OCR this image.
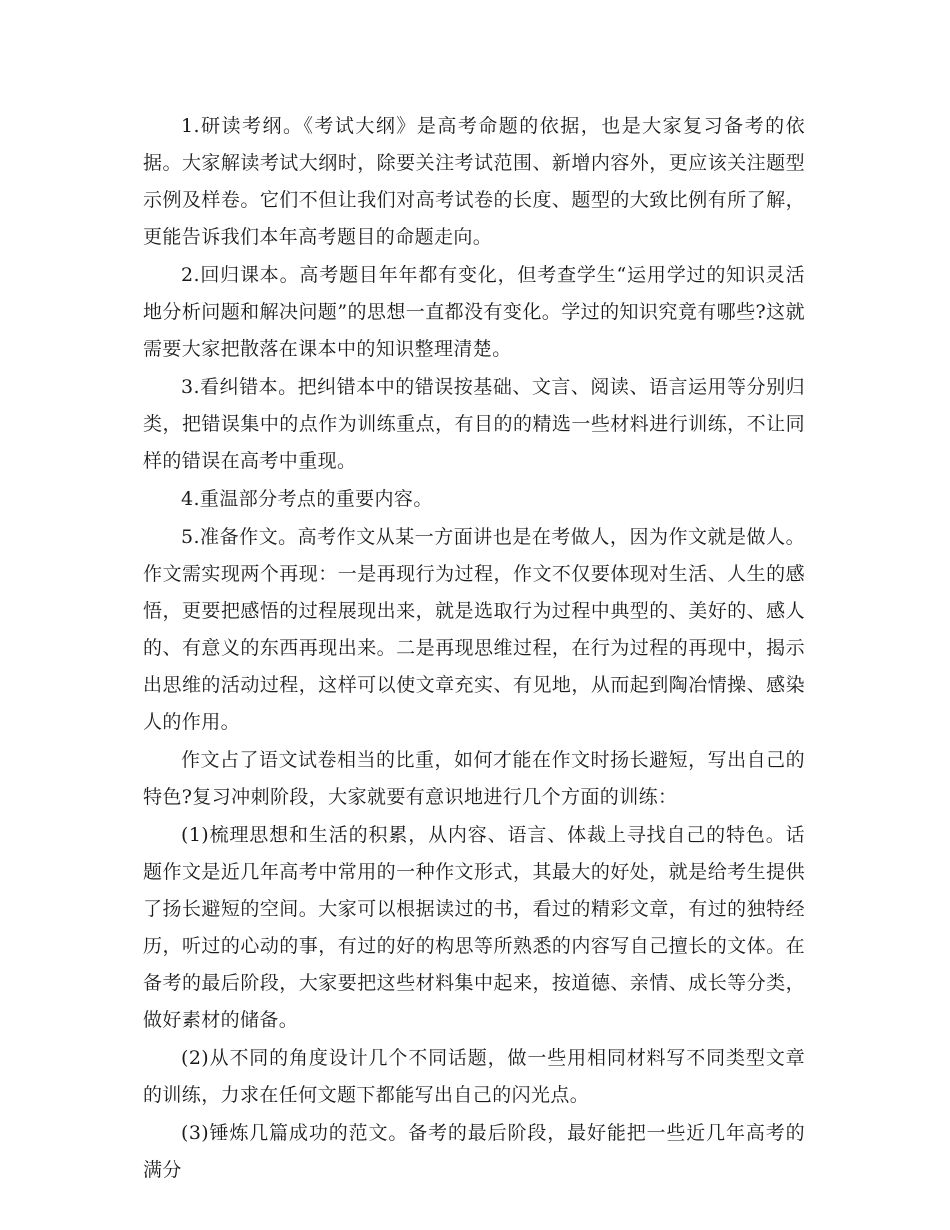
1.研读考纲。《考试大纲》是高考命题的依据，也是大家复习备考的依据。大家解读考试大纲时，除要关注考试范围、新增内容外，更应该关注题型示例及样卷。它们不但让我们对高考试卷的长度、题型的大致比例有所了解，更能告诉我们本年高考题目的命题走向。

2.回归课本。高考题目年年都有变化，但考查学生“运用学过的知识灵活地分析问题和解决问题”的思想一直都没有变化。学过的知识究竟有哪些?这就需要大家把散落在课本中的知识整理清楚。

3.看纠错本。把纠错本中的错误按基础、文言、阅读、语言运用等分别归类，把错误集中的点作为训练重点，有目的的精选一些材料进行训练，不让同样的错误在高考中重现。

4.重温部分考点的重要内容。

5.准备作文。高考作文从某一方面讲也是在考做人，因为作文就是做人。作文需实现两个再现：一是再现行为过程，作文不仅要体现对生活、人生的感悟，更要把感悟的过程展现出来，就是选取行为过程中典型的、美好的、感人的、有意义的东西再现出来。二是再现思维过程，在行为过程的再现中，揭示出思维的活动过程，这样可以使文章充实、有见地，从而起到陶冶情操、感染人的作用。

作文占了语文试卷相当的比重，如何才能在作文时扬长避短，写出自己的特色?复习冲刺阶段，大家就要有意识地进行几个方面的训练：

(1)梳理思想和生活的积累，从内容、语言、体裁上寻找自己的特色。话题作文是近几年高考中常用的一种作文形式，其最大的好处，就是给考生提供了扬长避短的空间。大家可以根据读过的书，看过的精彩文章，有过的独特经历，听过的心动的事，有过的好的构思等所熟悉的内容写自己擅长的文体。在备考的最后阶段，大家要把这些材料集中起来，按道德、亲情、成长等分类，做好素材的储备。

(2)从不同的角度设计几个不同话题，做一些用相同材料写不同类型文章的训练，力求在任何文题下都能写出自己的闪光点。

(3)锤炼几篇成功的范文。备考的最后阶段，最好能把一些近几年高考的满分
